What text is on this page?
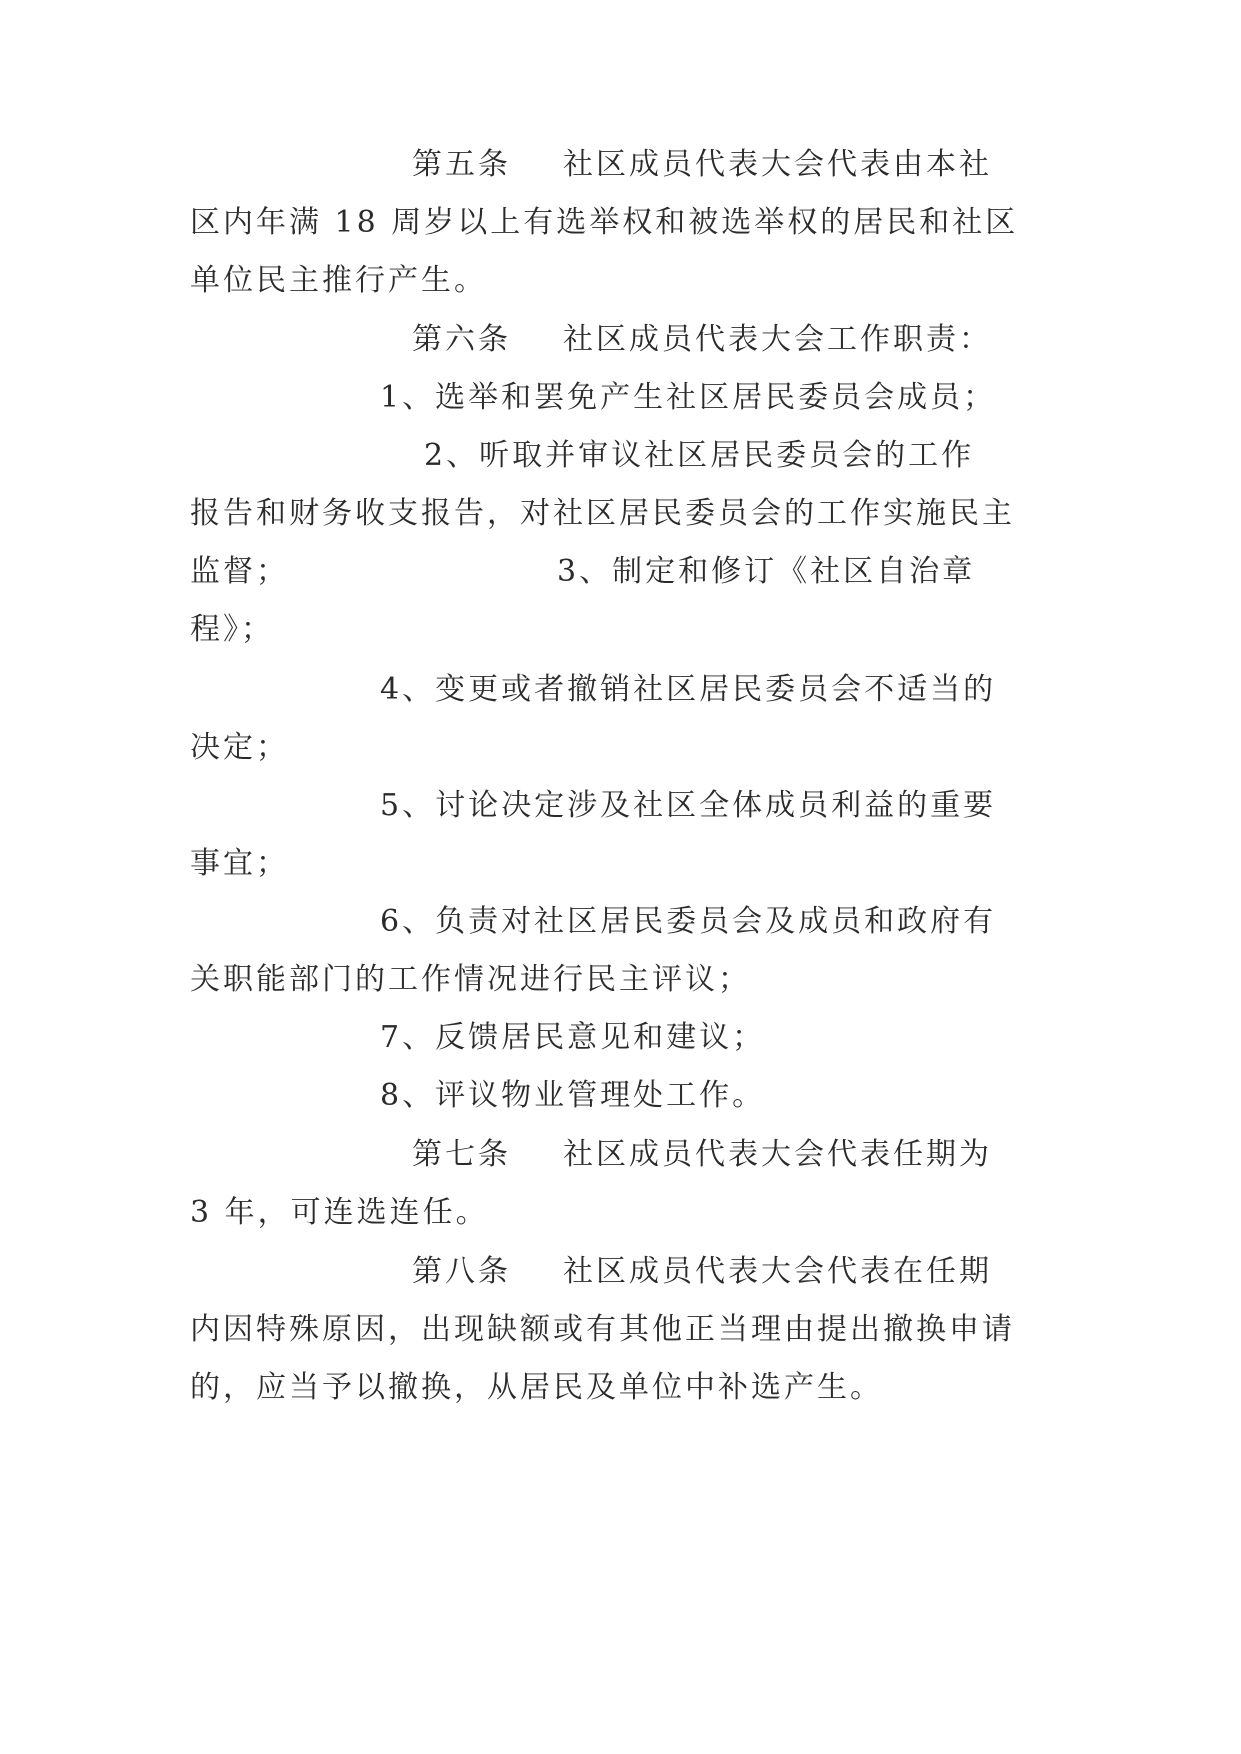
第五条 社区成员代表大会代表由本社
区内年满 18 周岁以上有选举权和被选举权的居民和社区
单位民主推行产生。
第六条 社区成员代表大会工作职责：
1、选举和罢免产生社区居民委员会成员；
2、听取并审议社区居民委员会的工作
报告和财务收支报告，对社区居民委员会的工作实施民主
监督；	3、制定和修订《社区自治章
程》；
4、变更或者撤销社区居民委员会不适当的
决定；
5、讨论决定涉及社区全体成员利益的重要
事宜；
6、负责对社区居民委员会及成员和政府有
关职能部门的工作情况进行民主评议；
7、反馈居民意见和建议；
8、评议物业管理处工作。
第七条 社区成员代表大会代表任期为
3 年，可连选连任。
第八条 社区成员代表大会代表在任期
内因特殊原因，出现缺额或有其他正当理由提出撤换申请
的，应当予以撤换，从居民及单位中补选产生。
